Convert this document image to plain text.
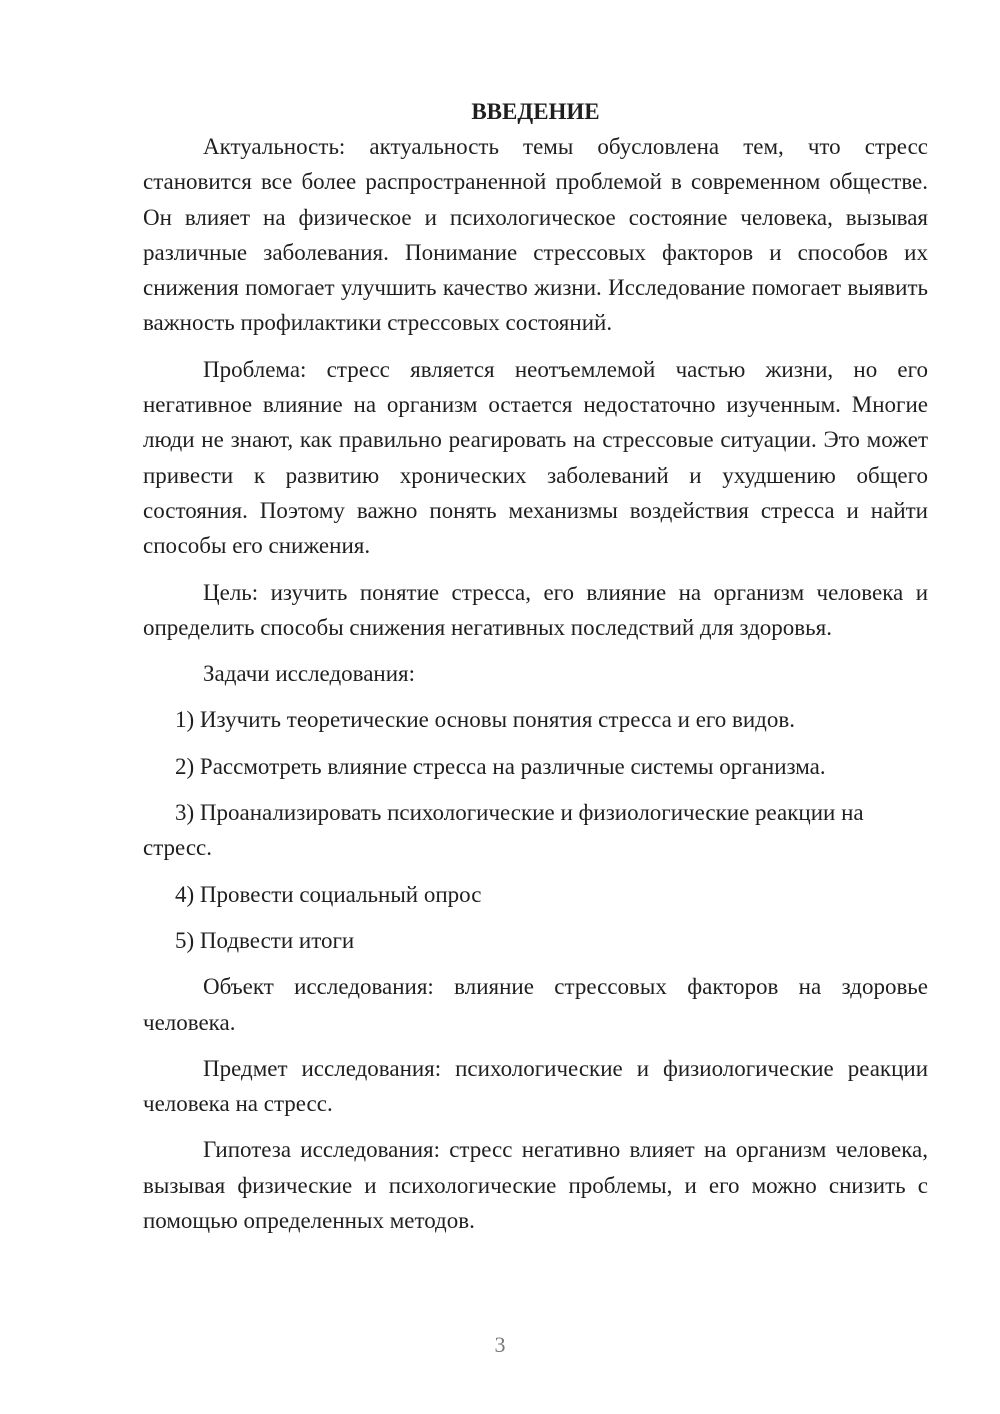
ВВЕДЕНИЕ

Актуальность: актуальность темы обусловлена тем, что стресс становится все более распространенной проблемой в современном обществе. Он влияет на физическое и психологическое состояние человека, вызывая различные заболевания. Понимание стрессовых факторов и способов их снижения помогает улучшить качество жизни. Исследование помогает выявить важность профилактики стрессовых состояний.

Проблема: стресс является неотъемлемой частью жизни, но его негативное влияние на организм остается недостаточно изученным. Многие люди не знают, как правильно реагировать на стрессовые ситуации. Это может привести к развитию хронических заболеваний и ухудшению общего состояния. Поэтому важно понять механизмы воздействия стресса и найти способы его снижения.

Цель: изучить понятие стресса, его влияние на организм человека и определить способы снижения негативных последствий для здоровья.

Задачи исследования:

1) Изучить теоретические основы понятия стресса и его видов.

2) Рассмотреть влияние стресса на различные системы организма.

3) Проанализировать психологические и физиологические реакции на стресс.

4) Провести социальный опрос

5) Подвести итоги

Объект исследования: влияние стрессовых факторов на здоровье человека.

Предмет исследования: психологические и физиологические реакции человека на стресс.

Гипотеза исследования: стресс негативно влияет на организм человека, вызывая физические и психологические проблемы, и его можно снизить с помощью определенных методов.

3
